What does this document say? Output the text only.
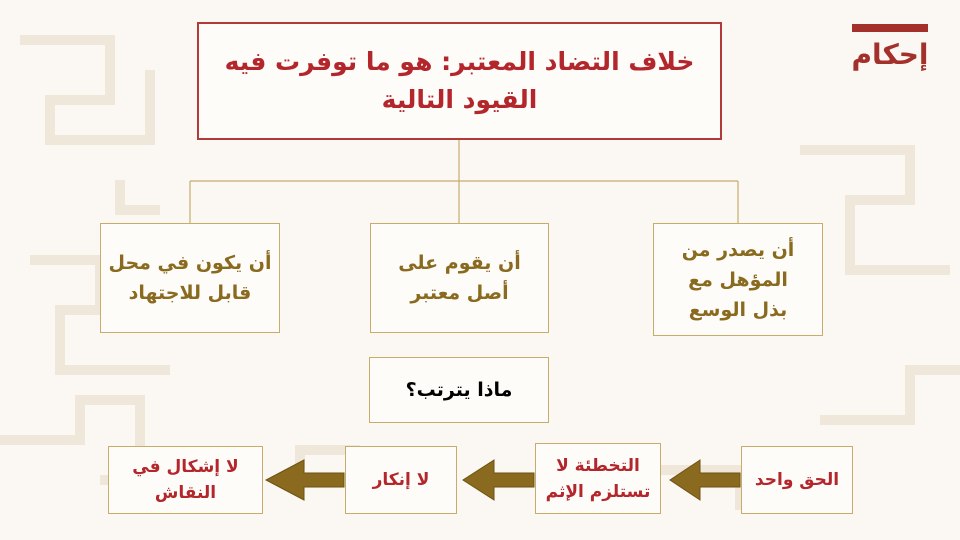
إحكام
خلاف التضاد المعتبر: هو ما توفرت فيه القيود التالية
أن يصدر من المؤهل مع بذل الوسع
أن يقوم على أصل معتبر
أن يكون في محل قابل للاجتهاد
ماذا يترتب؟
الحق واحد
التخطئة لا تستلزم الإثم
لا إنكار
لا إشكال في النقاش
